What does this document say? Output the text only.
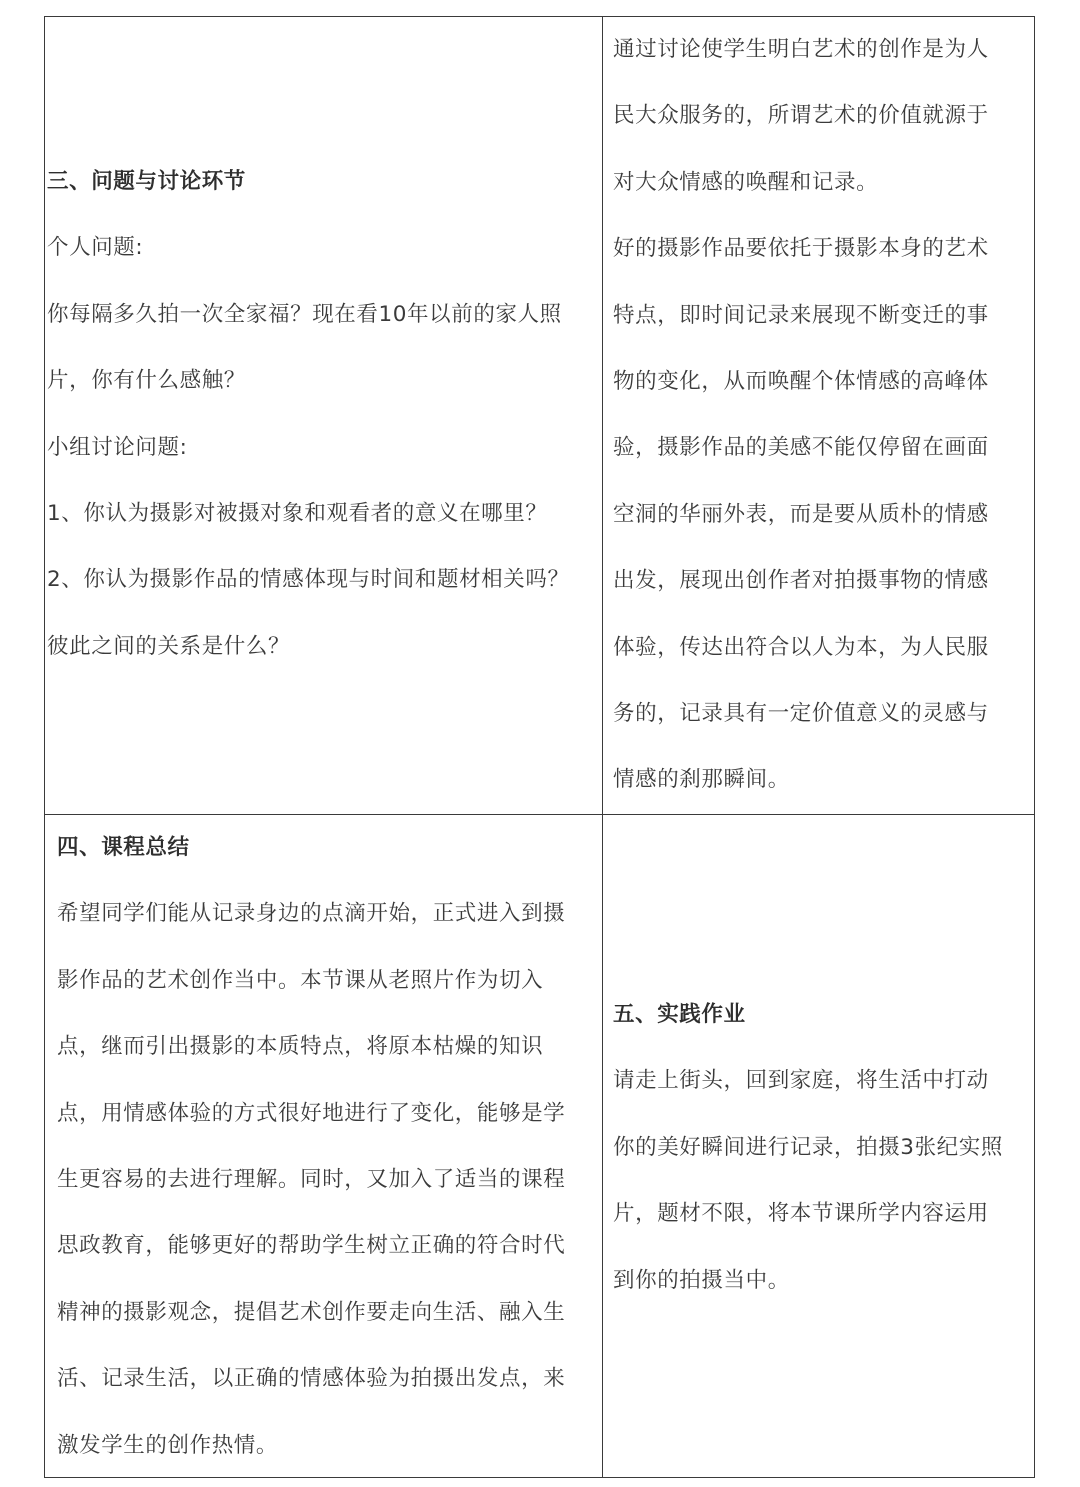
三、问题与讨论环节
个人问题:
你每隔多久拍一次全家福？现在看10年以前的家人照
片，你有什么感触？
小组讨论问题:
1、你认为摄影对被摄对象和观看者的意义在哪里？
2、你认为摄影作品的情感体现与时间和题材相关吗？
彼此之间的关系是什么？
通过讨论使学生明白艺术的创作是为人
民大众服务的，所谓艺术的价值就源于
对大众情感的唤醒和记录。
好的摄影作品要依托于摄影本身的艺术
特点，即时间记录来展现不断变迁的事
物的变化，从而唤醒个体情感的高峰体
验，摄影作品的美感不能仅停留在画面
空洞的华丽外表，而是要从质朴的情感
出发，展现出创作者对拍摄事物的情感
体验，传达出符合以人为本，为人民服
务的，记录具有一定价值意义的灵感与
情感的刹那瞬间。
四、课程总结
希望同学们能从记录身边的点滴开始，正式进入到摄
影作品的艺术创作当中。本节课从老照片作为切入
点，继而引出摄影的本质特点，将原本枯燥的知识
点，用情感体验的方式很好地进行了变化，能够是学
生更容易的去进行理解。同时，又加入了适当的课程
思政教育，能够更好的帮助学生树立正确的符合时代
精神的摄影观念，提倡艺术创作要走向生活、融入生
活、记录生活，以正确的情感体验为拍摄出发点，来
激发学生的创作热情。
五、实践作业
请走上街头，回到家庭，将生活中打动
你的美好瞬间进行记录，拍摄3张纪实照
片，题材不限，将本节课所学内容运用
到你的拍摄当中。
